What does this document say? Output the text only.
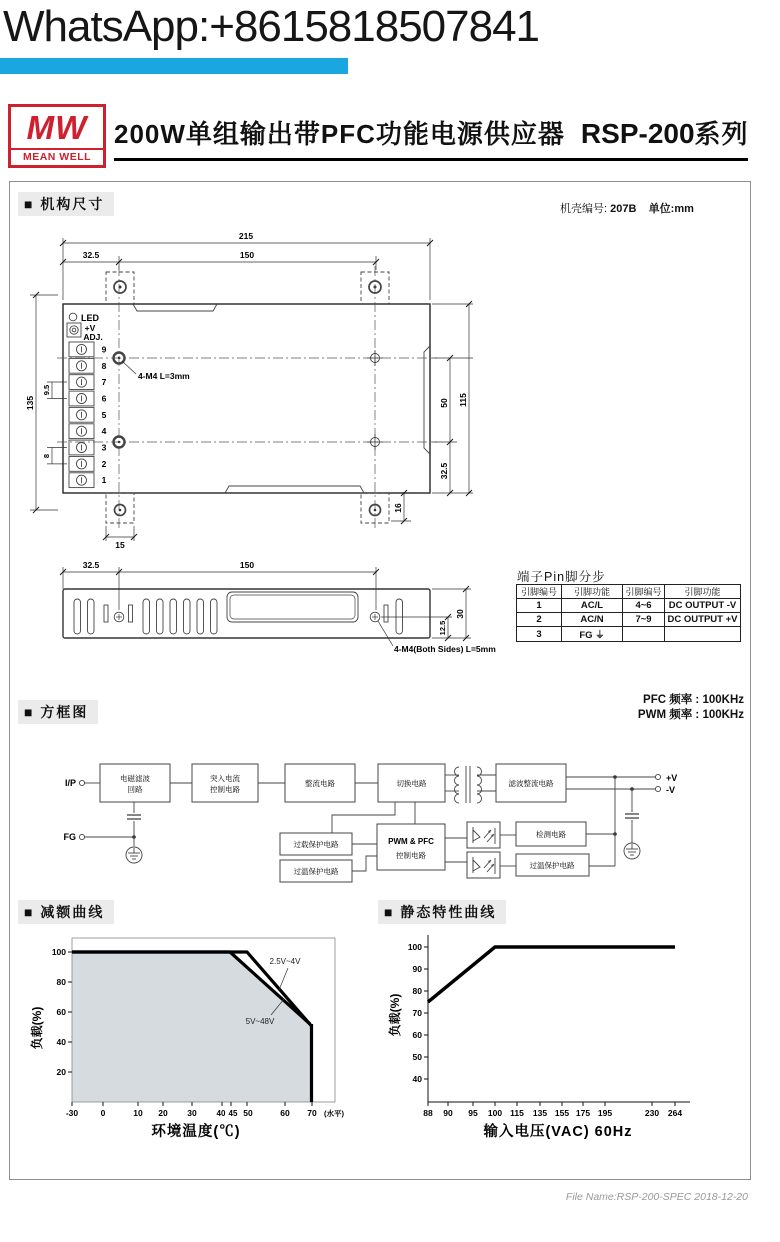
WhatsApp:+8615818507841
MW
MEAN WELL
200W单组输出带PFC功能电源供应器 RSP-200系列
■ 机构尺寸	机壳编号: 207B 单位:mm
215
32.5	150
LED
+V
ADJ.
9
8
7
6
5
4
3
2
1
4-M4 L=3mm
50
32.5
115
16
135
9.5
8
15
32.5	150
30
12.5
4-M4(Both Sides) L=5mm
端子Pin脚分步
引脚编号	引脚功能	引脚编号	引脚功能
1	AC/L	4~6	DC OUTPUT -V
2	AC/N	7~9	DC OUTPUT +V
3	FG ⏚		
■ 方框图
PFC 频率 : 100KHz
PWM 频率 : 100KHz
I/P	电磁滤波
回路
突入电流
控制电路
整流电路	切换电路	滤波整流电路
+V
-V
FG
过载保护电路
过温保护电路
PWM & PFC
控制电路
检测电路
过温保护电路
■ 减额曲线	■ 静态特性曲线
100
80
60
40
20
-30	0	10 20 30 40 45 50	60 70 (水平)
2.5V~4V
5V~48V
负载(%)
环境温度(℃)
100
90
80
70
60
50
40
88 90 95 100 115 135 155 175 195	230 264
负载(%)
输入电压(VAC) 60Hz
File Name:RSP-200-SPEC 2018-12-20
